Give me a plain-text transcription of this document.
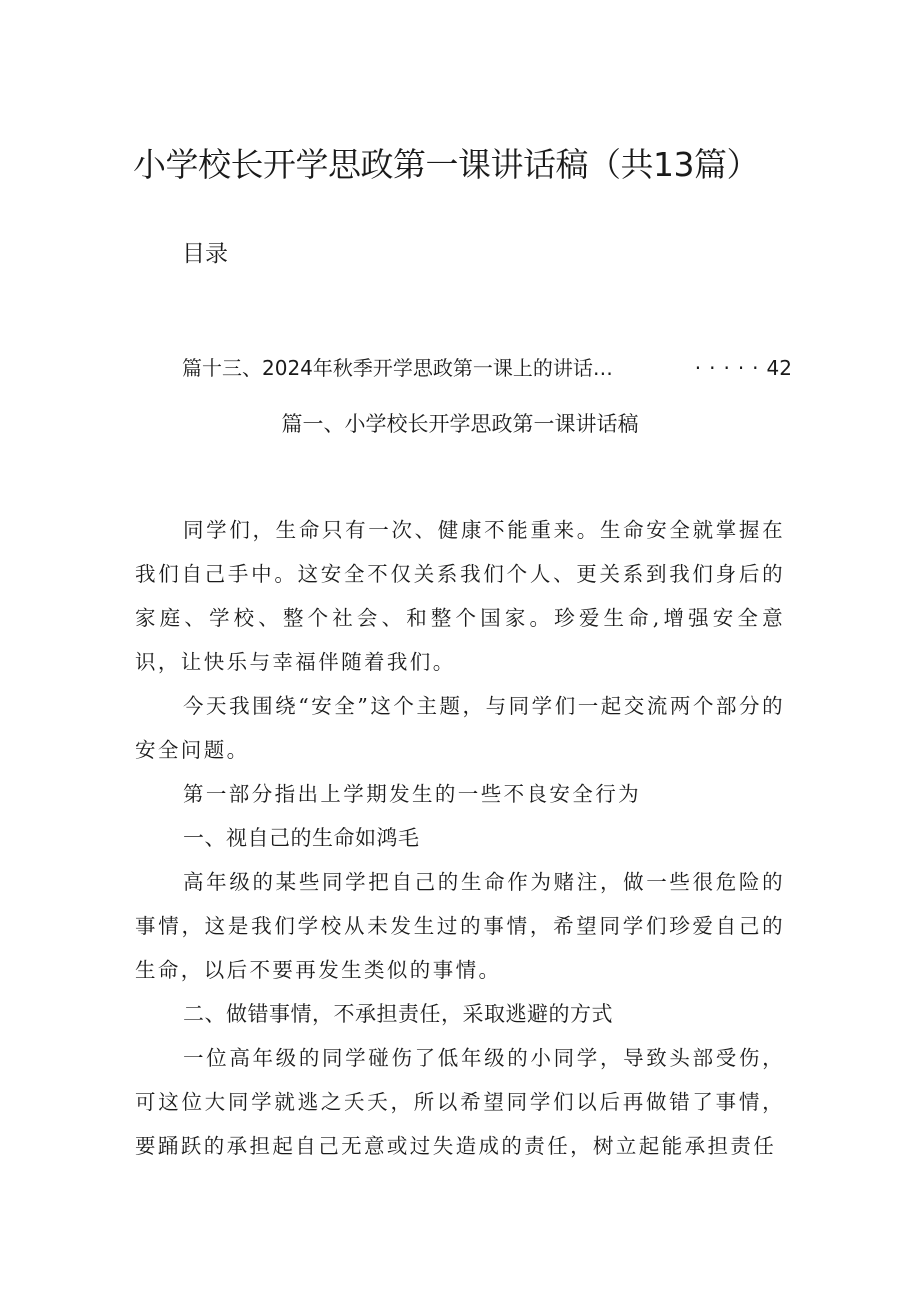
小学校长开学思政第一课讲话稿（共13篇）
目录
篇十三、2024年秋季开学思政第一课上的讲话…	····· 42
篇一、小学校长开学思政第一课讲话稿

同学们，生命只有一次、健康不能重来。生命安全就掌握在我们自己手中。这安全不仅关系我们个人、更关系到我们身后的家庭、学校、整个社会、和整个国家。珍爱生命,增强安全意识，让快乐与幸福伴随着我们。

今天我围绕“安全”这个主题，与同学们一起交流两个部分的安全问题。

第一部分指出上学期发生的一些不良安全行为

一、视自己的生命如鸿毛

高年级的某些同学把自己的生命作为赌注，做一些很危险的事情，这是我们学校从未发生过的事情，希望同学们珍爱自己的生命，以后不要再发生类似的事情。

二、做错事情，不承担责任，采取逃避的方式

一位高年级的同学碰伤了低年级的小同学，导致头部受伤，可这位大同学就逃之夭夭，所以希望同学们以后再做错了事情，要踊跃的承担起自己无意或过失造成的责任，树立起能承担责任
